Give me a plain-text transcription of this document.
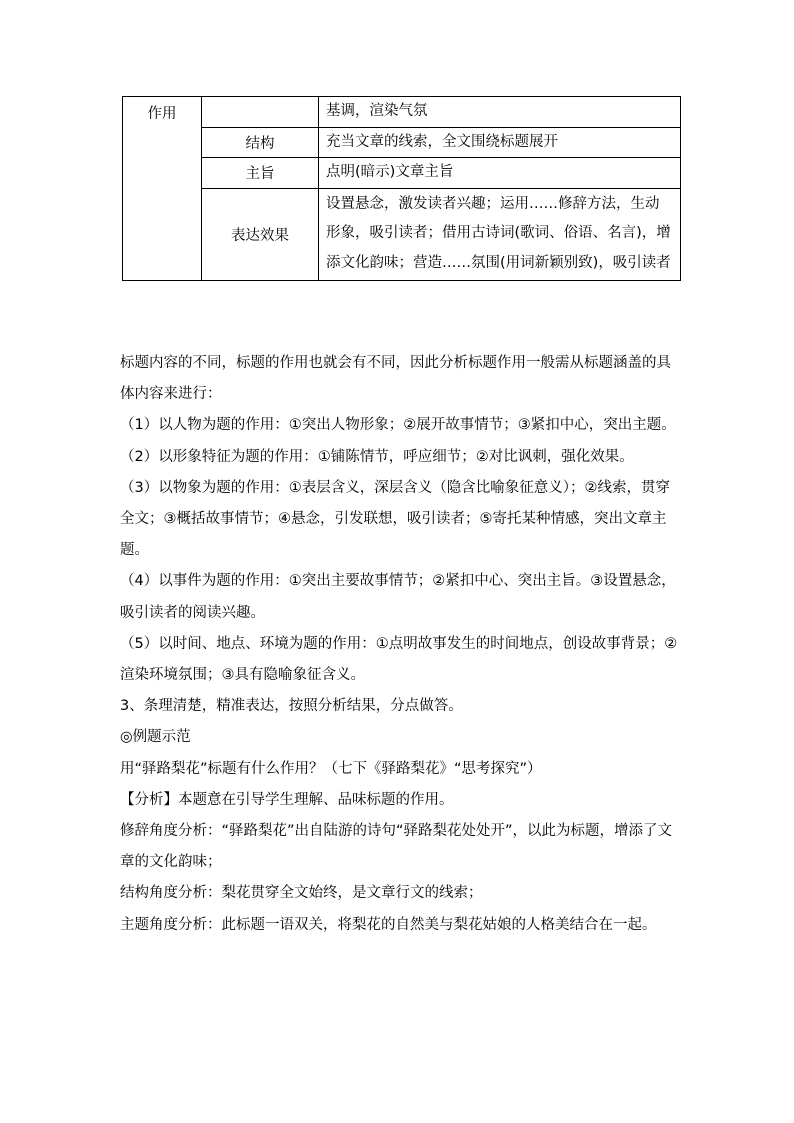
作用		基调，渲染气氛
	结构	充当文章的线索，全文围绕标题展开
	主旨	点明(暗示)文章主旨
	表达效果	设置悬念，激发读者兴趣；运用……修辞方法，生动形象，吸引读者；借用古诗词(歌词、俗语、名言)，增添文化韵味；营造……氛围(用词新颖别致)，吸引读者

标题内容的不同，标题的作用也就会有不同，因此分析标题作用一般需从标题涵盖的具体内容来进行：

（1）以人物为题的作用：①突出人物形象；②展开故事情节；③紧扣中心，突出主题。

（2）以形象特征为题的作用：①铺陈情节，呼应细节；②对比讽刺，强化效果。

（3）以物象为题的作用：①表层含义，深层含义（隐含比喻象征意义）；②线索，贯穿全文；③概括故事情节；④悬念，引发联想，吸引读者；⑤寄托某种情感，突出文章主题。

（4）以事件为题的作用：①突出主要故事情节；②紧扣中心、突出主旨。③设置悬念，吸引读者的阅读兴趣。

（5）以时间、地点、环境为题的作用：①点明故事发生的时间地点，创设故事背景；②渲染环境氛围；③具有隐喻象征含义。

3、条理清楚，精准表达，按照分析结果，分点做答。

◎例题示范

用“驿路梨花”标题有什么作用？（七下《驿路梨花》“思考探究”）

【分析】本题意在引导学生理解、品味标题的作用。

修辞角度分析：“驿路梨花”出自陆游的诗句“驿路梨花处处开”，以此为标题，增添了文章的文化韵味；

结构角度分析：梨花贯穿全文始终，是文章行文的线索；

主题角度分析：此标题一语双关，将梨花的自然美与梨花姑娘的人格美结合在一起。
